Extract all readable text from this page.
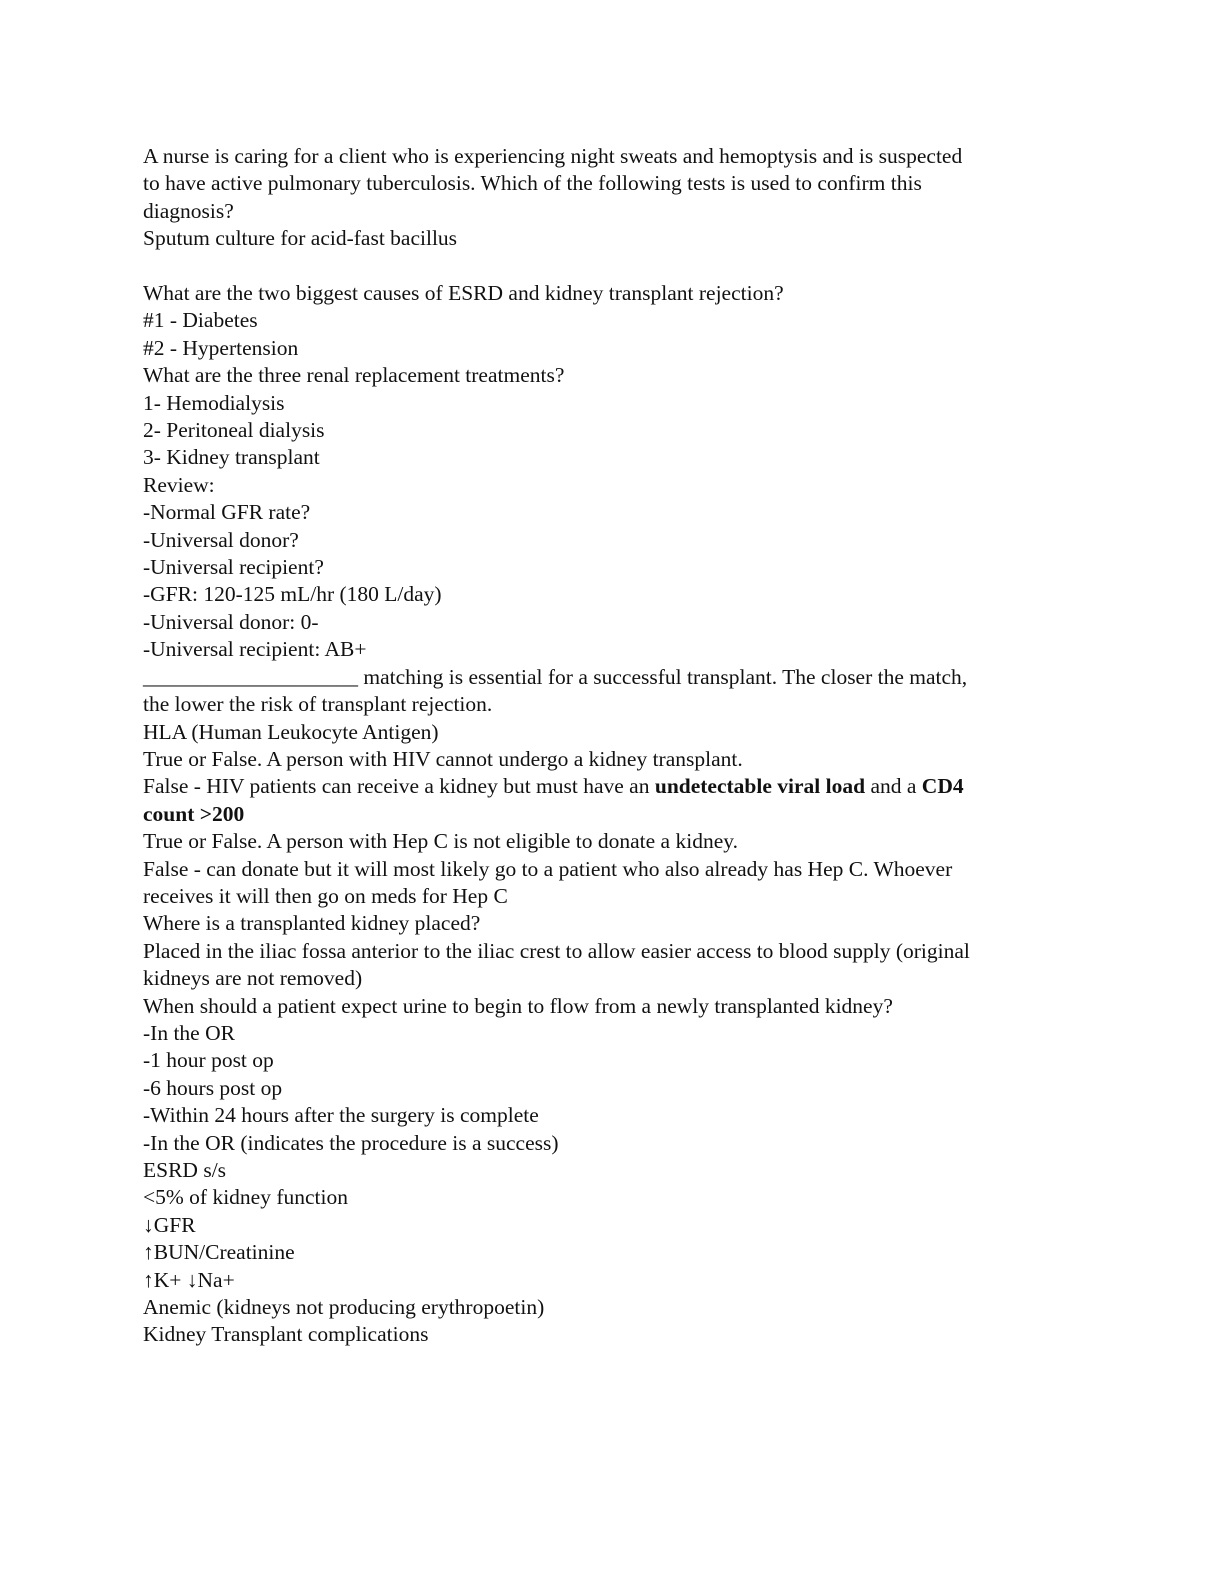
A nurse is caring for a client who is experiencing night sweats and hemoptysis and is suspected
to have active pulmonary tuberculosis. Which of the following tests is used to confirm this
diagnosis?
Sputum culture for acid-fast bacillus
What are the two biggest causes of ESRD and kidney transplant rejection?
#1 - Diabetes
#2 - Hypertension
What are the three renal replacement treatments?
1- Hemodialysis
2- Peritoneal dialysis
3- Kidney transplant
Review:
-Normal GFR rate?
-Universal donor?
-Universal recipient?
-GFR: 120-125 mL/hr (180 L/day)
-Universal donor: 0-
-Universal recipient: AB+
____________________ matching is essential for a successful transplant. The closer the match,
the lower the risk of transplant rejection.
HLA (Human Leukocyte Antigen)
True or False. A person with HIV cannot undergo a kidney transplant.
False - HIV patients can receive a kidney but must have an undetectable viral load and a CD4
count >200
True or False. A person with Hep C is not eligible to donate a kidney.
False - can donate but it will most likely go to a patient who also already has Hep C. Whoever
receives it will then go on meds for Hep C
Where is a transplanted kidney placed?
Placed in the iliac fossa anterior to the iliac crest to allow easier access to blood supply (original
kidneys are not removed)
When should a patient expect urine to begin to flow from a newly transplanted kidney?
-In the OR
-1 hour post op
-6 hours post op
-Within 24 hours after the surgery is complete
-In the OR (indicates the procedure is a success)
ESRD s/s
<5% of kidney function
↓GFR
↑BUN/Creatinine
↑K+ ↓Na+
Anemic (kidneys not producing erythropoetin)
Kidney Transplant complications
